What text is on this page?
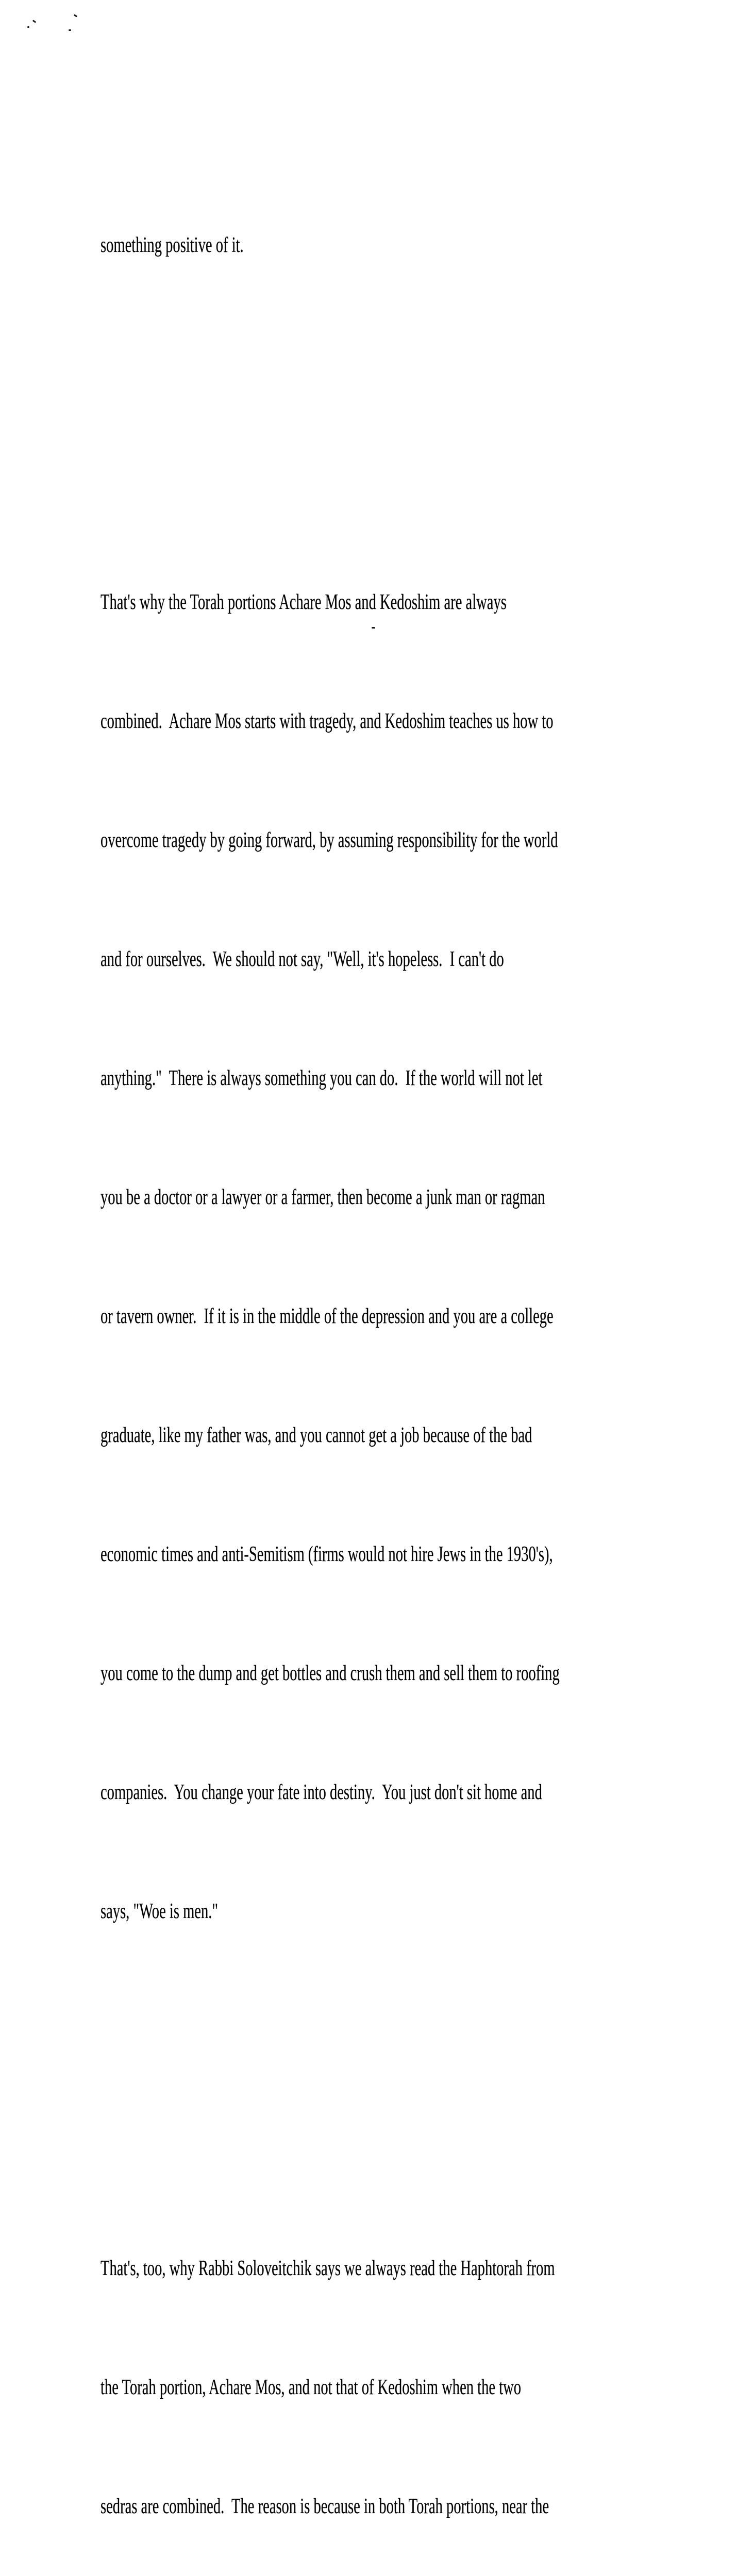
something positive of it.

That's why the Torah portions Achare Mos and Kedoshim are always

combined.  Achare Mos starts with tragedy, and Kedoshim teaches us how to

overcome tragedy by going forward, by assuming responsibility for the world

and for ourselves.  We should not say, "Well, it's hopeless.  I can't do

anything."  There is always something you can do.  If the world will not let

you be a doctor or a lawyer or a farmer, then become a junk man or ragman

or tavern owner.  If it is in the middle of the depression and you are a college

graduate, like my father was, and you cannot get a job because of the bad

economic times and anti-Semitism (firms would not hire Jews in the 1930's),

you come to the dump and get bottles and crush them and sell them to roofing

companies.  You change your fate into destiny.  You just don't sit home and

says, "Woe is men."

That's, too, why Rabbi Soloveitchik says we always read the Haphtorah from

the Torah portion, Achare Mos, and not that of Kedoshim when the two

sedras are combined.  The reason is because in both Torah portions, near the
